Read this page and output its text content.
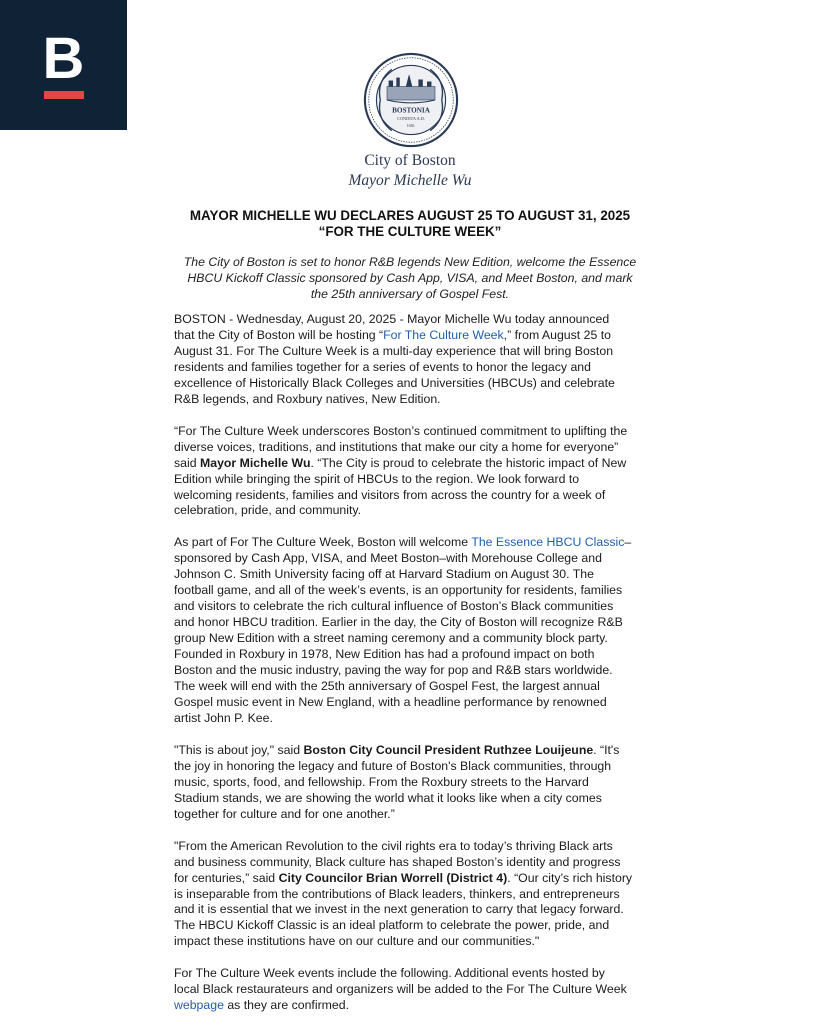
B
BOSTONIA
CONDITA A.D.
1630.
City of Boston
Mayor Michelle Wu
MAYOR MICHELLE WU DECLARES AUGUST 25 TO AUGUST 31, 2025
“FOR THE CULTURE WEEK”
The City of Boston is set to honor R&B legends New Edition, welcome the Essence
HBCU Kickoff Classic sponsored by Cash App, VISA, and Meet Boston, and mark
the 25th anniversary of Gospel Fest.
BOSTON - Wednesday, August 20, 2025 - Mayor Michelle Wu today announced
that the City of Boston will be hosting “For The Culture Week,” from August 25 to
August 31. For The Culture Week is a multi-day experience that will bring Boston
residents and families together for a series of events to honor the legacy and
excellence of Historically Black Colleges and Universities (HBCUs) and celebrate
R&B legends, and Roxbury natives, New Edition.
“For The Culture Week underscores Boston’s continued commitment to uplifting the
diverse voices, traditions, and institutions that make our city a home for everyone”
said Mayor Michelle Wu. “The City is proud to celebrate the historic impact of New
Edition while bringing the spirit of HBCUs to the region. We look forward to
welcoming residents, families and visitors from across the country for a week of
celebration, pride, and community.
As part of For The Culture Week, Boston will welcome The Essence HBCU Classic–
sponsored by Cash App, VISA, and Meet Boston–with Morehouse College and
Johnson C. Smith University facing off at Harvard Stadium on August 30. The
football game, and all of the week’s events, is an opportunity for residents, families
and visitors to celebrate the rich cultural influence of Boston’s Black communities
and honor HBCU tradition. Earlier in the day, the City of Boston will recognize R&B
group New Edition with a street naming ceremony and a community block party.
Founded in Roxbury in 1978, New Edition has had a profound impact on both
Boston and the music industry, paving the way for pop and R&B stars worldwide.
The week will end with the 25th anniversary of Gospel Fest, the largest annual
Gospel music event in New England, with a headline performance by renowned
artist John P. Kee.
"This is about joy," said Boston City Council President Ruthzee Louijeune. “It's
the joy in honoring the legacy and future of Boston's Black communities, through
music, sports, food, and fellowship. From the Roxbury streets to the Harvard
Stadium stands, we are showing the world what it looks like when a city comes
together for culture and for one another.”
"From the American Revolution to the civil rights era to today’s thriving Black arts
and business community, Black culture has shaped Boston’s identity and progress
for centuries,” said City Councilor Brian Worrell (District 4). “Our city’s rich history
is inseparable from the contributions of Black leaders, thinkers, and entrepreneurs
and it is essential that we invest in the next generation to carry that legacy forward.
The HBCU Kickoff Classic is an ideal platform to celebrate the power, pride, and
impact these institutions have on our culture and our communities."
For The Culture Week events include the following. Additional events hosted by
local Black restaurateurs and organizers will be added to the For The Culture Week
webpage as they are confirmed.
